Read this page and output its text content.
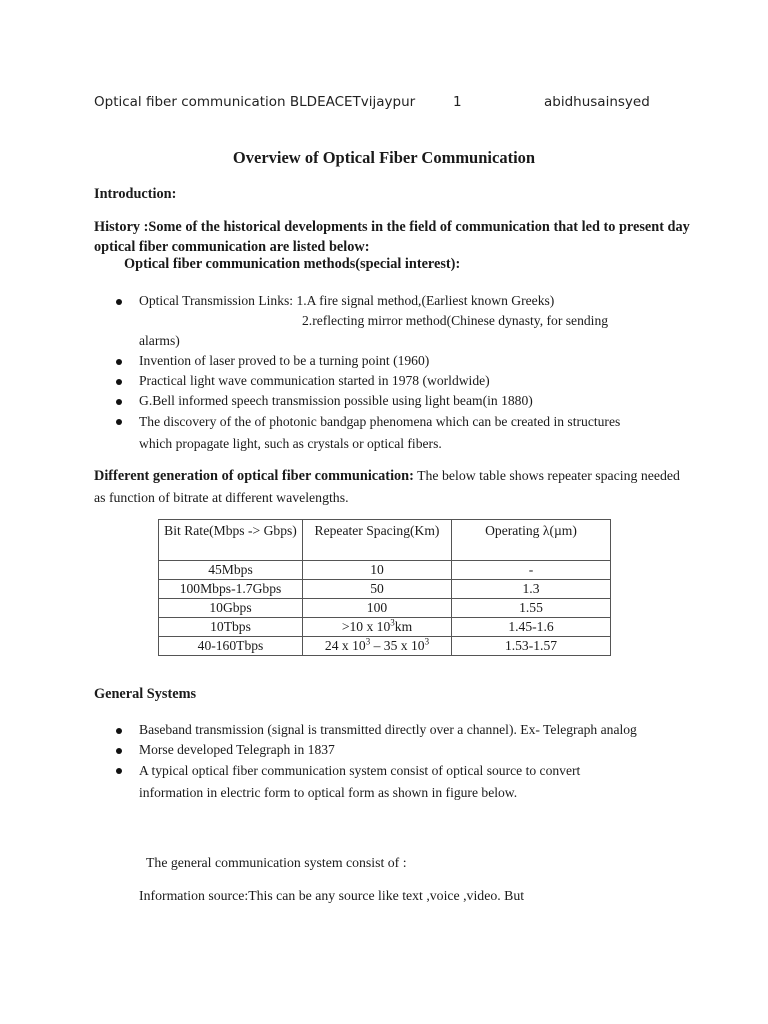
Optical fiber communication BLDEACETvijaypur	1	abidhusainsyed
Overview of Optical Fiber Communication
Introduction:
History :Some of the historical developments in the field of communication that led to present day optical fiber communication are listed below:
Optical fiber communication methods(special interest):
Optical Transmission Links: 1.A fire signal method,(Earliest known Greeks)
2.reflecting mirror method(Chinese dynasty, for sending
alarms)
Invention of laser proved to be a turning point (1960)
Practical light wave communication started in 1978 (worldwide)
G.Bell informed speech transmission possible using light beam(in 1880)
The discovery of the of photonic bandgap phenomena which can be created in structures which propagate light, such as crystals or optical fibers.
Different generation of optical fiber communication: The below table shows repeater spacing needed as function of bitrate at different wavelengths.
Bit Rate(Mbps -> Gbps)	Repeater Spacing(Km)	Operating λ(µm)
45Mbps	10	-
100Mbps-1.7Gbps	50	1.3
10Gbps	100	1.55
10Tbps	>10 x $10^3km$	1.45-1.6
40-160Tbps	24 x $10^3 - 35$ x $10^3$	1.53-1.57
General Systems
Baseband transmission (signal is transmitted directly over a channel). Ex- Telegraph analog
Morse developed Telegraph in 1837
A typical optical fiber communication system consist of optical source to convert information in electric form to optical form as shown in figure below.
The general communication system consist of :
Information source:This can be any source like text ,voice ,video. But
